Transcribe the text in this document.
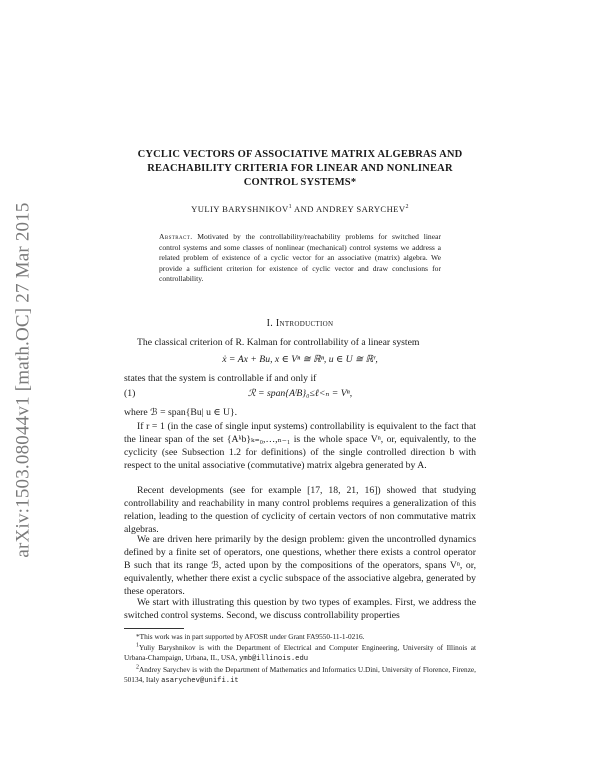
arXiv:1503.08044v1 [math.OC] 27 Mar 2015
CYCLIC VECTORS OF ASSOCIATIVE MATRIX ALGEBRAS AND
REACHABILITY CRITERIA FOR LINEAR AND NONLINEAR
CONTROL SYSTEMS*
YULIY BARYSHNIKOV$^1$ AND ANDREY SARYCHEV$^2$
Abstract. Motivated by the controllability/reachability problems for switched linear control systems and some classes of nonlinear (mechanical) control systems we address a related problem of existence of a cyclic vector for an associative (matrix) algebra. We provide a sufficient criterion for existence of cyclic vector and draw conclusions for controllability.
I. Introduction
The classical criterion of R. Kalman for controllability of a linear system
ẋ = Ax + Bu, x ∈ Vⁿ ≅ ℝⁿ, u ∈ U ≅ ℝʳ,
states that the system is controllable if and only if
(1)	ℛ = span{AˡB}₀≤ℓ<ₙ = Vⁿ,
where ℬ = span{Bu| u ∈ U}.
If r = 1 (in the case of single input systems) controllability is equivalent to the fact that the linear span of the set {Aᵏb}ₖ₌₀,…,ₙ₋₁ is the whole space Vⁿ, or, equivalently, to the cyclicity (see Subsection 1.2 for definitions) of the single controlled direction b with respect to the unital associative (commutative) matrix algebra generated by A.
Recent developments (see for example [17, 18, 21, 16]) showed that studying controllability and reachability in many control problems requires a generalization of this relation, leading to the question of cyclicity of certain vectors of non commutative matrix algebras.
We are driven here primarily by the design problem: given the uncontrolled dynamics defined by a finite set of operators, one questions, whether there exists a control operator B such that its range ℬ, acted upon by the compositions of the operators, spans Vⁿ, or, equivalently, whether there exist a cyclic subspace of the associative algebra, generated by these operators.
We start with illustrating this question by two types of examples. First, we address the switched control systems. Second, we discuss controllability properties
*This work was in part supported by AFOSR under Grant FA9550-11-1-0216.
$^1$Yuliy Baryshnikov is with the Department of Electrical and Computer Engineering, University of Illinois at Urbana-Champaign, Urbana, IL, USA, ymb@illinois.edu
$^2$Andrey Sarychev is with the Department of Mathematics and Informatics U.Dini, University of Florence, Firenze, 50134, Italy asarychev@unifi.it
